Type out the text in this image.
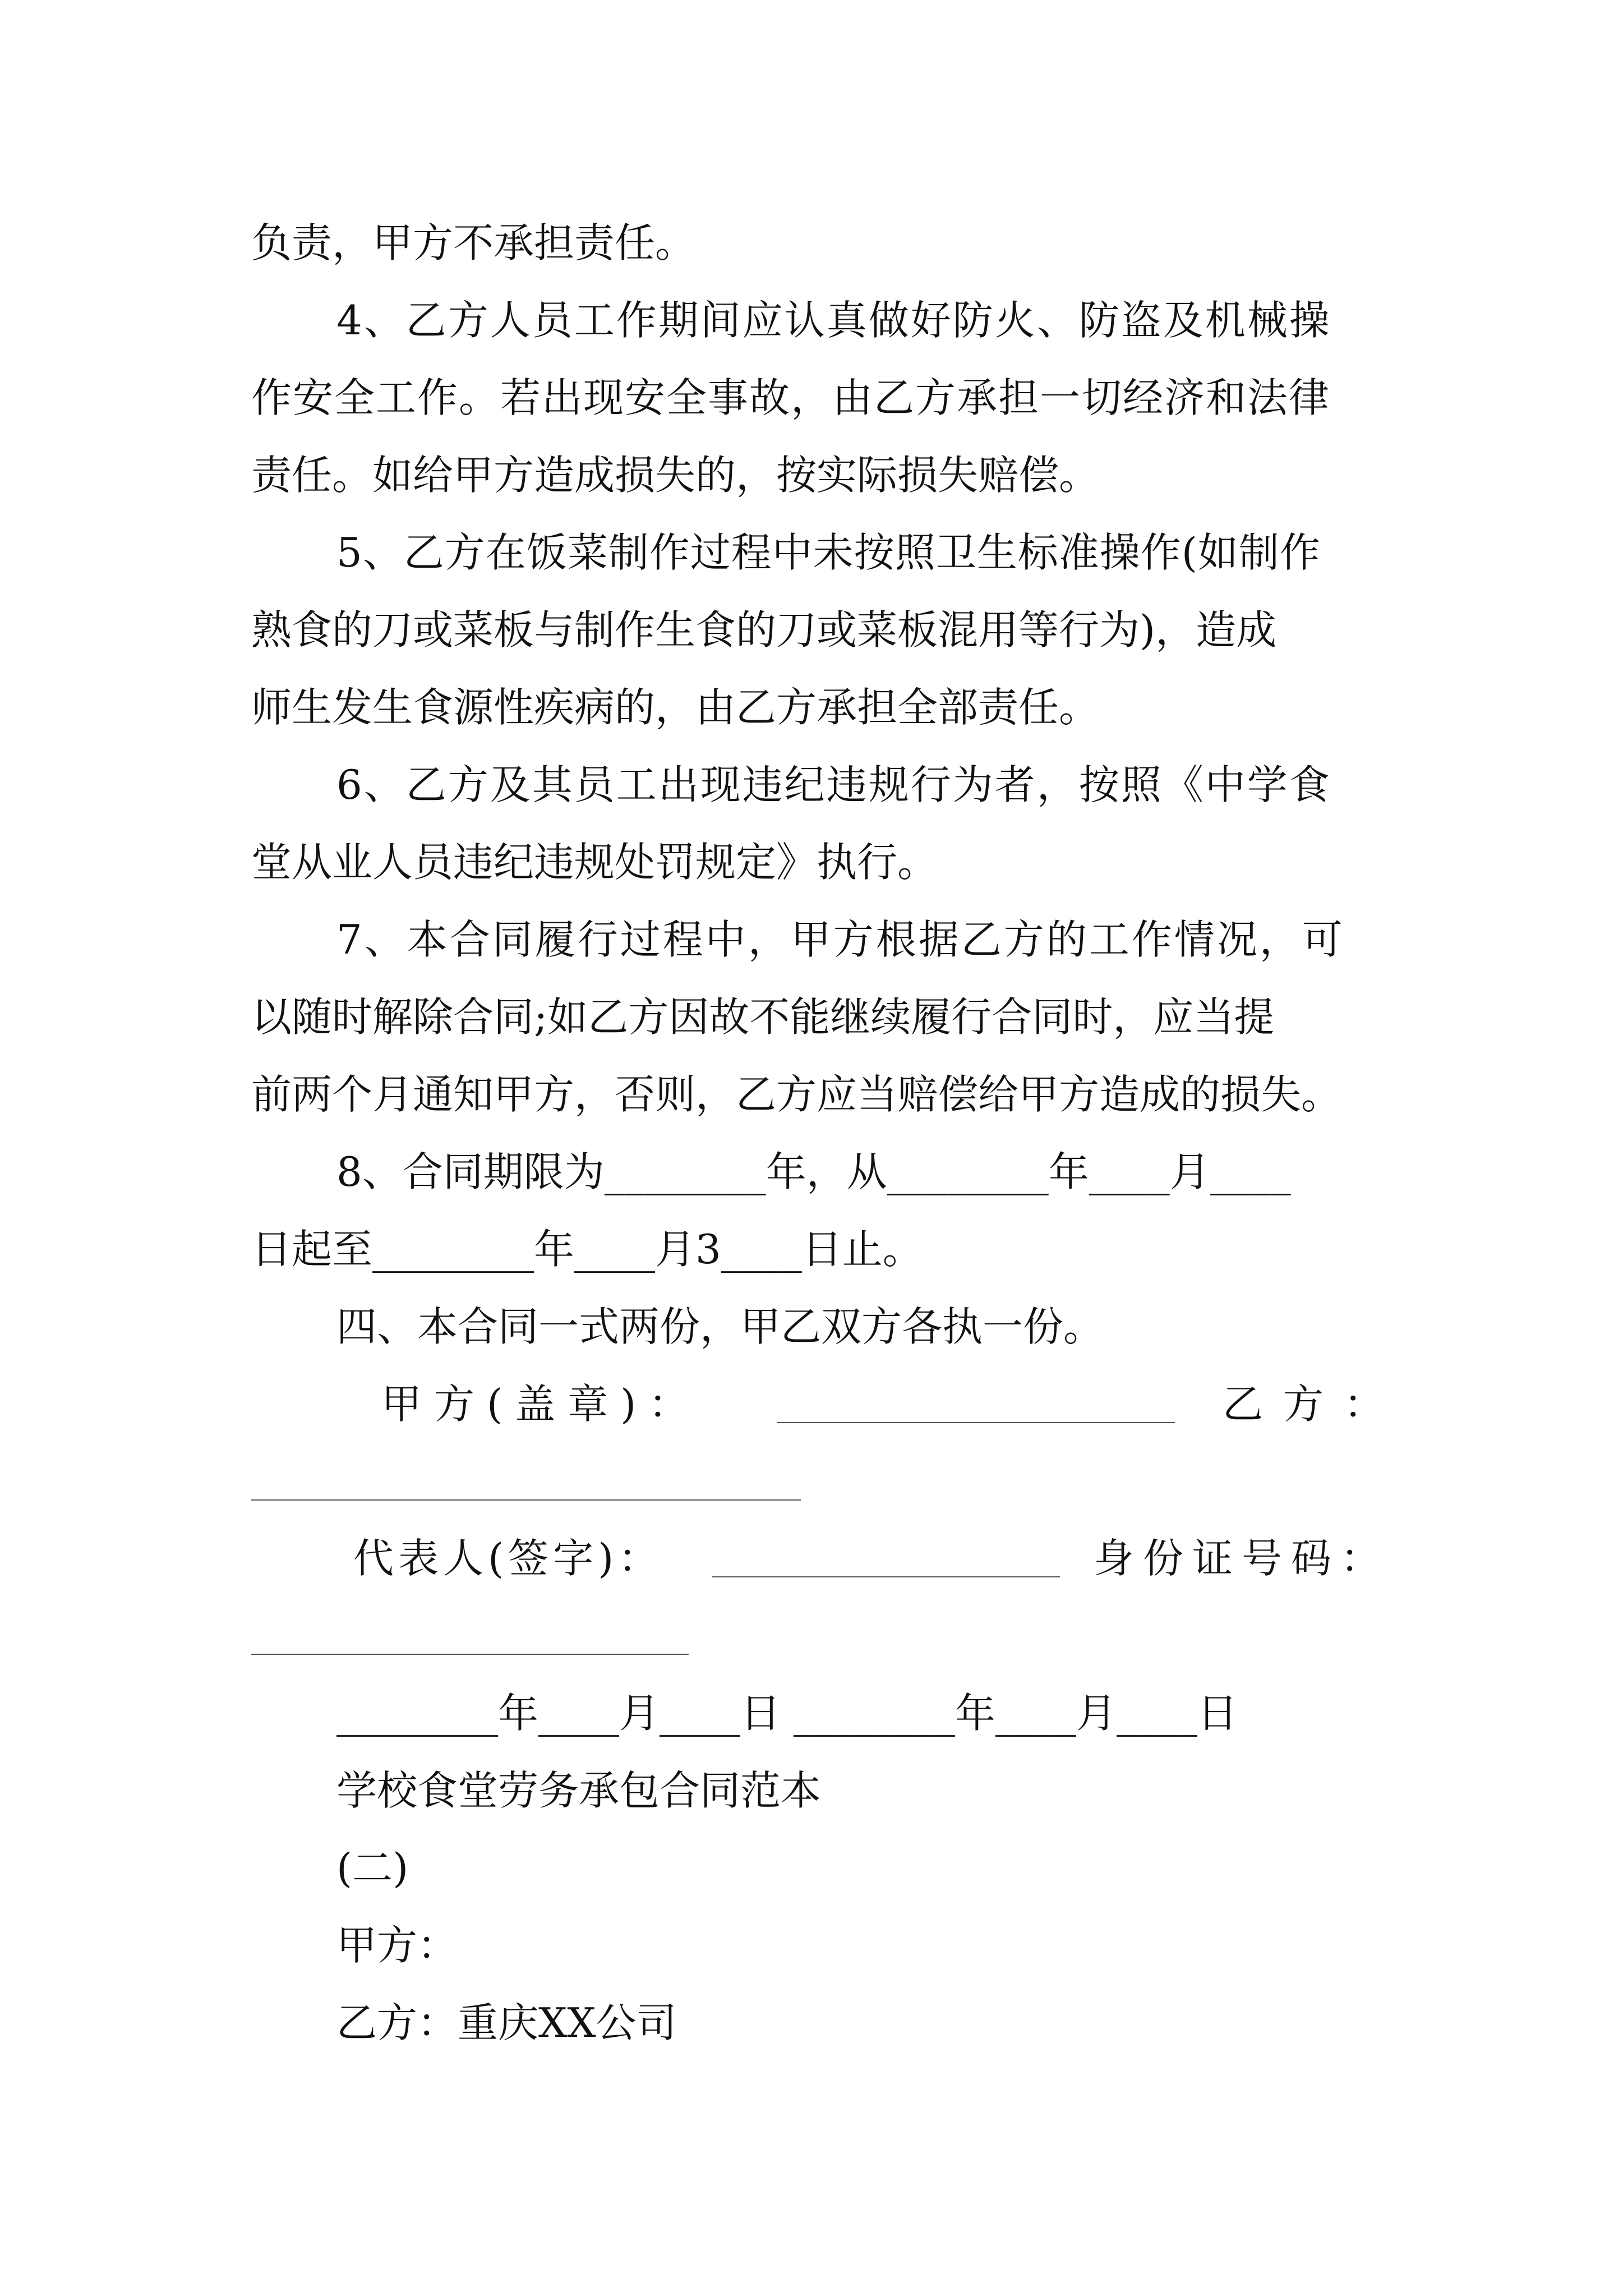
负责，甲方不承担责任。
4、乙方人员工作期间应认真做好防火、防盗及机械操
作安全工作。若出现安全事故，由乙方承担一切经济和法律
责任。如给甲方造成损失的，按实际损失赔偿。
5、乙方在饭菜制作过程中未按照卫生标准操作(如制作
熟食的刀或菜板与制作生食的刀或菜板混用等行为)，造成
师生发生食源性疾病的，由乙方承担全部责任。
6、乙方及其员工出现违纪违规行为者，按照《中学食
堂从业人员违纪违规处罚规定》执行。
7、本合同履行过程中，甲方根据乙方的工作情况，可
以随时解除合同;如乙方因故不能继续履行合同时，应当提
前两个月通知甲方，否则，乙方应当赔偿给甲方造成的损失。
8、合同期限为________年，从________年____月____
日起至________年____月3____日止。
四、本合同一式两份，甲乙双方各执一份。
甲方(盖章)：	乙方：
代表人(签字)：	身份证号码：
________年____月____日 ________年____月____日
学校食堂劳务承包合同范本
(二)
甲方：
乙方：重庆XX公司
